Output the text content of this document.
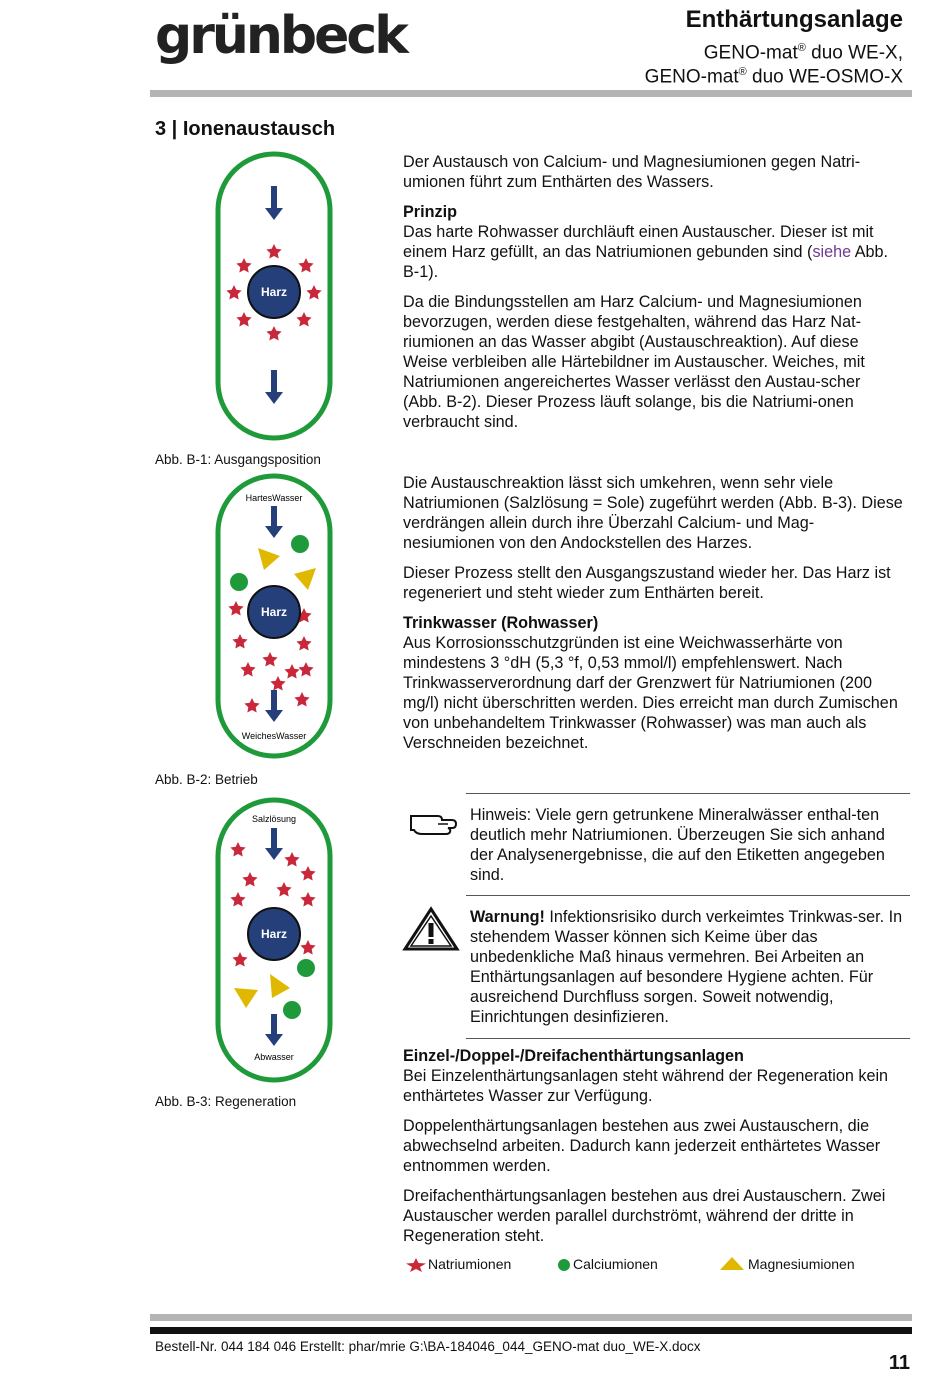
grünbeck	Enthärtungsanlage
GENO-mat® duo WE-X,
GENO-mat® duo WE-OSMO-X
3 | Ionenaustausch
Harz
Abb. B-1: Ausgangsposition
HartesWasser
Harz
WeichesWasser
Abb. B-2: Betrieb
Salzlösung
Harz
Abwasser
Abb. B-3: Regeneration

Der Austausch von Calcium- und Magnesiumionen gegen Natri-umionen führt zum Enthärten des Wassers.

Prinzip
Das harte Rohwasser durchläuft einen Austauscher. Dieser ist mit einem Harz gefüllt, an das Natriumionen gebunden sind (siehe Abb. B-1).

Da die Bindungsstellen am Harz Calcium- und Magnesiumionen bevorzugen, werden diese festgehalten, während das Harz Nat-riumionen an das Wasser abgibt (Austauschreaktion). Auf diese Weise verbleiben alle Härtebildner im Austauscher. Weiches, mit Natriumionen angereichertes Wasser verlässt den Austau-scher (Abb. B-2). Dieser Prozess läuft solange, bis die Natriumi-onen verbraucht sind.

Die Austauschreaktion lässt sich umkehren, wenn sehr viele Natriumionen (Salzlösung = Sole) zugeführt werden (Abb. B-3). Diese verdrängen allein durch ihre Überzahl Calcium- und Mag-nesiumionen von den Andockstellen des Harzes.

Dieser Prozess stellt den Ausgangszustand wieder her. Das Harz ist regeneriert und steht wieder zum Enthärten bereit.

Trinkwasser (Rohwasser)
Aus Korrosionsschutzgründen ist eine Weichwasserhärte von mindestens 3 °dH (5,3 °f, 0,53 mmol/l) empfehlenswert. Nach Trinkwasserverordnung darf der Grenzwert für Natriumionen (200 mg/l) nicht überschritten werden. Dies erreicht man durch Zumischen von unbehandeltem Trinkwasser (Rohwasser) was man auch als Verschneiden bezeichnet.

Hinweis: Viele gern getrunkene Mineralwässer enthal-ten deutlich mehr Natriumionen. Überzeugen Sie sich anhand der Analysenergebnisse, die auf den Etiketten angegeben sind.
Warnung! Infektionsrisiko durch verkeimtes Trinkwas-ser. In stehendem Wasser können sich Keime über das unbedenkliche Maß hinaus vermehren. Bei Arbeiten an Enthärtungsanlagen auf besondere Hygiene achten. Für ausreichend Durchfluss sorgen. Soweit notwendig, Einrichtungen desinfizieren.

Einzel-/Doppel-/Dreifachenthärtungsanlagen
Bei Einzelenthärtungsanlagen steht während der Regeneration kein enthärtetes Wasser zur Verfügung.

Doppelenthärtungsanlagen bestehen aus zwei Austauschern, die abwechselnd arbeiten. Dadurch kann jederzeit enthärtetes Wasser entnommen werden.

Dreifachenthärtungsanlagen bestehen aus drei Austauschern. Zwei Austauscher werden parallel durchströmt, während der dritte in Regeneration steht.

Natriumionen	Calciumionen	Magnesiumionen
Bestell-Nr. 044 184 046 Erstellt: phar/mrie G:\BA-184046_044_GENO-mat duo_WE-X.docx
11
